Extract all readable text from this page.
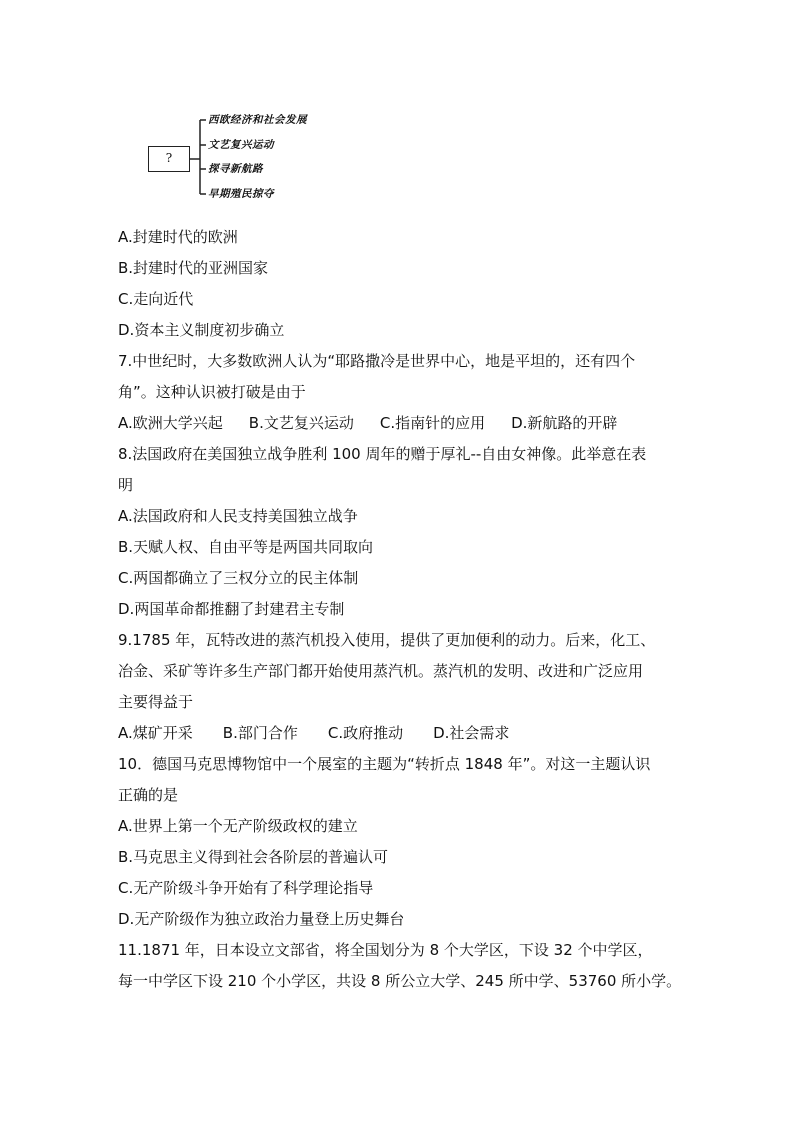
?
西欧经济和社会发展
文艺复兴运动
探寻新航路
早期殖民掠夺
A.封建时代的欧洲
B.封建时代的亚洲国家
C.走向近代
D.资本主义制度初步确立
7.中世纪时，大多数欧洲人认为“耶路撒冷是世界中心，地是平坦的，还有四个
角”。这种认识被打破是由于
A.欧洲大学兴起 B.文艺复兴运动 C.指南针的应用 D.新航路的开辟
8.法国政府在美国独立战争胜利 100 周年的赠于厚礼--自由女神像。此举意在表
明
A.法国政府和人民支持美国独立战争
B.天赋人权、自由平等是两国共同取向
C.两国都确立了三权分立的民主体制
D.两国革命都推翻了封建君主专制
9.1785 年，瓦特改进的蒸汽机投入使用，提供了更加便利的动力。后来，化工、
冶金、采矿等许多生产部门都开始使用蒸汽机。蒸汽机的发明、改进和广泛应用
主要得益于
A.煤矿开采 B.部门合作 C.政府推动 D.社会需求
10．德国马克思博物馆中一个展室的主题为“转折点 1848 年”。对这一主题认识
正确的是
A.世界上第一个无产阶级政权的建立
B.马克思主义得到社会各阶层的普遍认可
C.无产阶级斗争开始有了科学理论指导
D.无产阶级作为独立政治力量登上历史舞台
11.1871 年，日本设立文部省，将全国划分为 8 个大学区，下设 32 个中学区，
每一中学区下设 210 个小学区，共设 8 所公立大学、245 所中学、53760 所小学。
